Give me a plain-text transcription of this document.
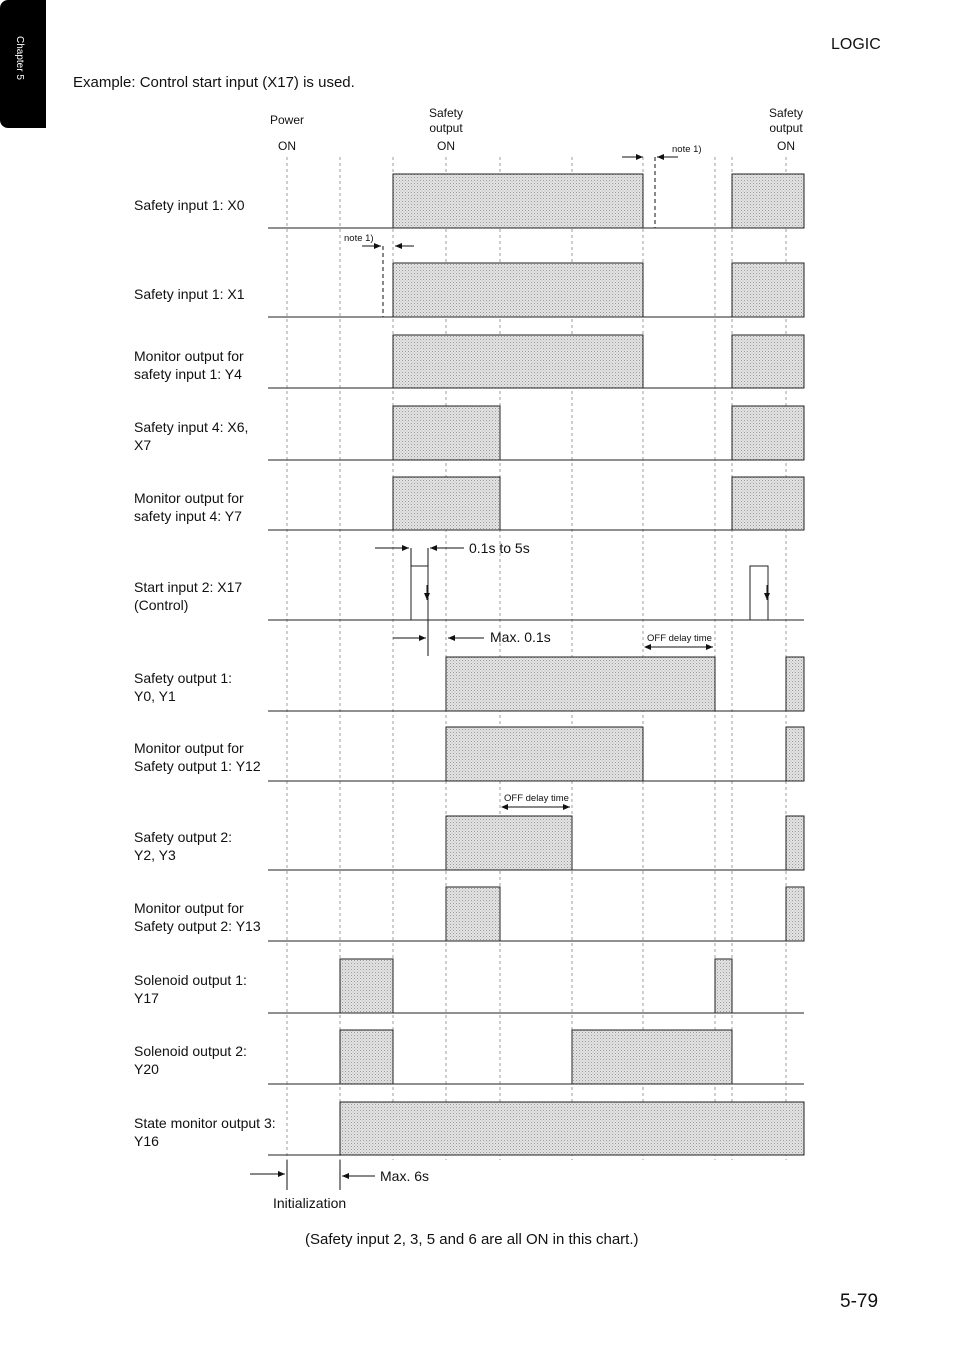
LOGIC
Example: Control start input (X17) is used.
note 1)
note 1)
0.1s to 5s
Max. 0.1s	OFF delay time
OFF delay time
Max. 6s
Initialization
Safety input 1: X0
Safety input 1: X1
Monitor output for safety input 1: Y4
Safety input 4: X6, X7
Monitor output for safety input 4: Y7
Start input 2: X17 (Control)
Safety output 1: Y0, Y1
Monitor output for Safety output 1: Y12
Safety output 2: Y2, Y3
Monitor output for Safety output 2: Y13
Solenoid output 1: Y17
Solenoid output 2: Y20
State monitor output 3: Y16
Power
ON
Safety
output
ON
Safety
output
ON
(Safety input 2, 3, 5 and 6 are all ON in this chart.)
5-79
Chapter 5
